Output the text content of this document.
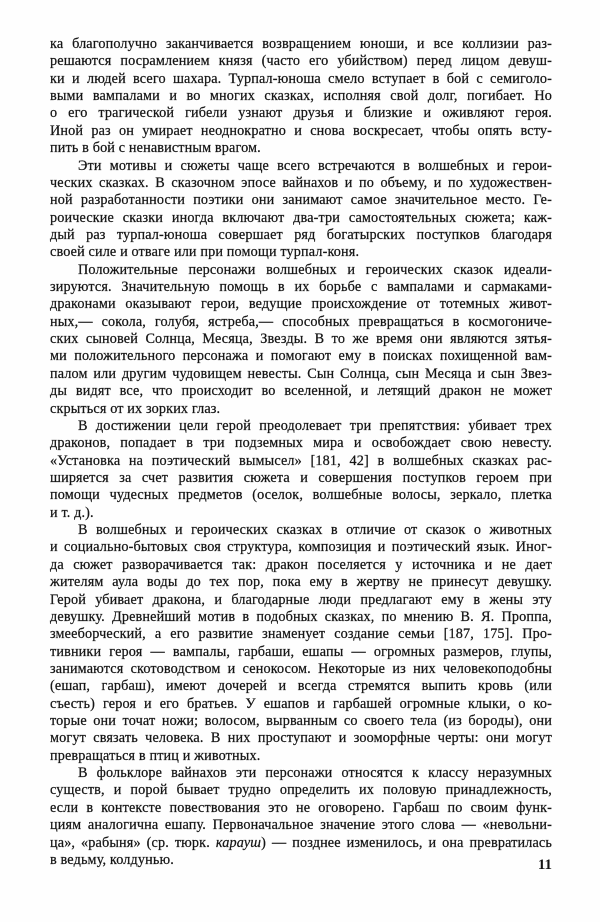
ка благополучно заканчивается возвращением юноши, и все коллизии раз-
решаются посрамлением князя (часто его убийством) перед лицом девуш-
ки и людей всего шахара. Турпал-юноша смело вступает в бой с семиголо-
выми вампалами и во многих сказках, исполняя свой долг, погибает. Но
о его трагической гибели узнают друзья и близкие и оживляют героя.
Иной раз он умирает неоднократно и снова воскресает, чтобы опять всту-
пить в бой с ненавистным врагом.
Эти мотивы и сюжеты чаще всего встречаются в волшебных и герои-
ческих сказках. В сказочном эпосе вайнахов и по объему, и по художествен-
ной разработанности поэтики они занимают самое значительное место. Ге-
роические сказки иногда включают два-три самостоятельных сюжета; каж-
дый раз турпал-юноша совершает ряд богатырских поступков благодаря
своей силе и отваге или при помощи турпал-коня.
Положительные персонажи волшебных и героических сказок идеали-
зируются. Значительную помощь в их борьбе с вампалами и сармаками-
драконами оказывают герои, ведущие происхождение от тотемных живот-
ных,— сокола, голубя, ястреба,— способных превращаться в космогониче-
ских сыновей Солнца, Месяца, Звезды. В то же время они являются зятья-
ми положительного персонажа и помогают ему в поисках похищенной вам-
палом или другим чудовищем невесты. Сын Солнца, сын Месяца и сын Звез-
ды видят все, что происходит во вселенной, и летящий дракон не может
скрыться от их зорких глаз.
В достижении цели герой преодолевает три препятствия: убивает трех
драконов, попадает в три подземных мира и освобождает свою невесту.
«Установка на поэтический вымысел» [181, 42] в волшебных сказках рас-
ширяется за счет развития сюжета и совершения поступков героем при
помощи чудесных предметов (оселок, волшебные волосы, зеркало, плетка
и т. д.).
В волшебных и героических сказках в отличие от сказок о животных
и социально-бытовых своя структура, композиция и поэтический язык. Иног-
да сюжет разворачивается так: дракон поселяется у источника и не дает
жителям аула воды до тех пор, пока ему в жертву не принесут девушку.
Герой убивает дракона, и благодарные люди предлагают ему в жены эту
девушку. Древнейший мотив в подобных сказках, по мнению В. Я. Проппа,
змееборческий, а его развитие знаменует создание семьи [187, 175]. Про-
тивники героя — вампалы, гарбаши, ешапы — огромных размеров, глупы,
занимаются скотоводством и сенокосом. Некоторые из них человекоподобны
(ешап, гарбаш), имеют дочерей и всегда стремятся выпить кровь (или
съесть) героя и его братьев. У ешапов и гарбашей огромные клыки, о ко-
торые они точат ножи; волосом, вырванным со своего тела (из бороды), они
могут связать человека. В них проступают и зооморфные черты: они могут
превращаться в птиц и животных.
В фольклоре вайнахов эти персонажи относятся к классу неразумных
существ, и порой бывает трудно определить их половую принадлежность,
если в контексте повествования это не оговорено. Гарбаш по своим функ-
циям аналогична ешапу. Первоначальное значение этого слова — «невольни-
ца», «рабыня» (ср. тюрк. карауш) — позднее изменилось, и она превратилась
в ведьму, колдунью.	11
